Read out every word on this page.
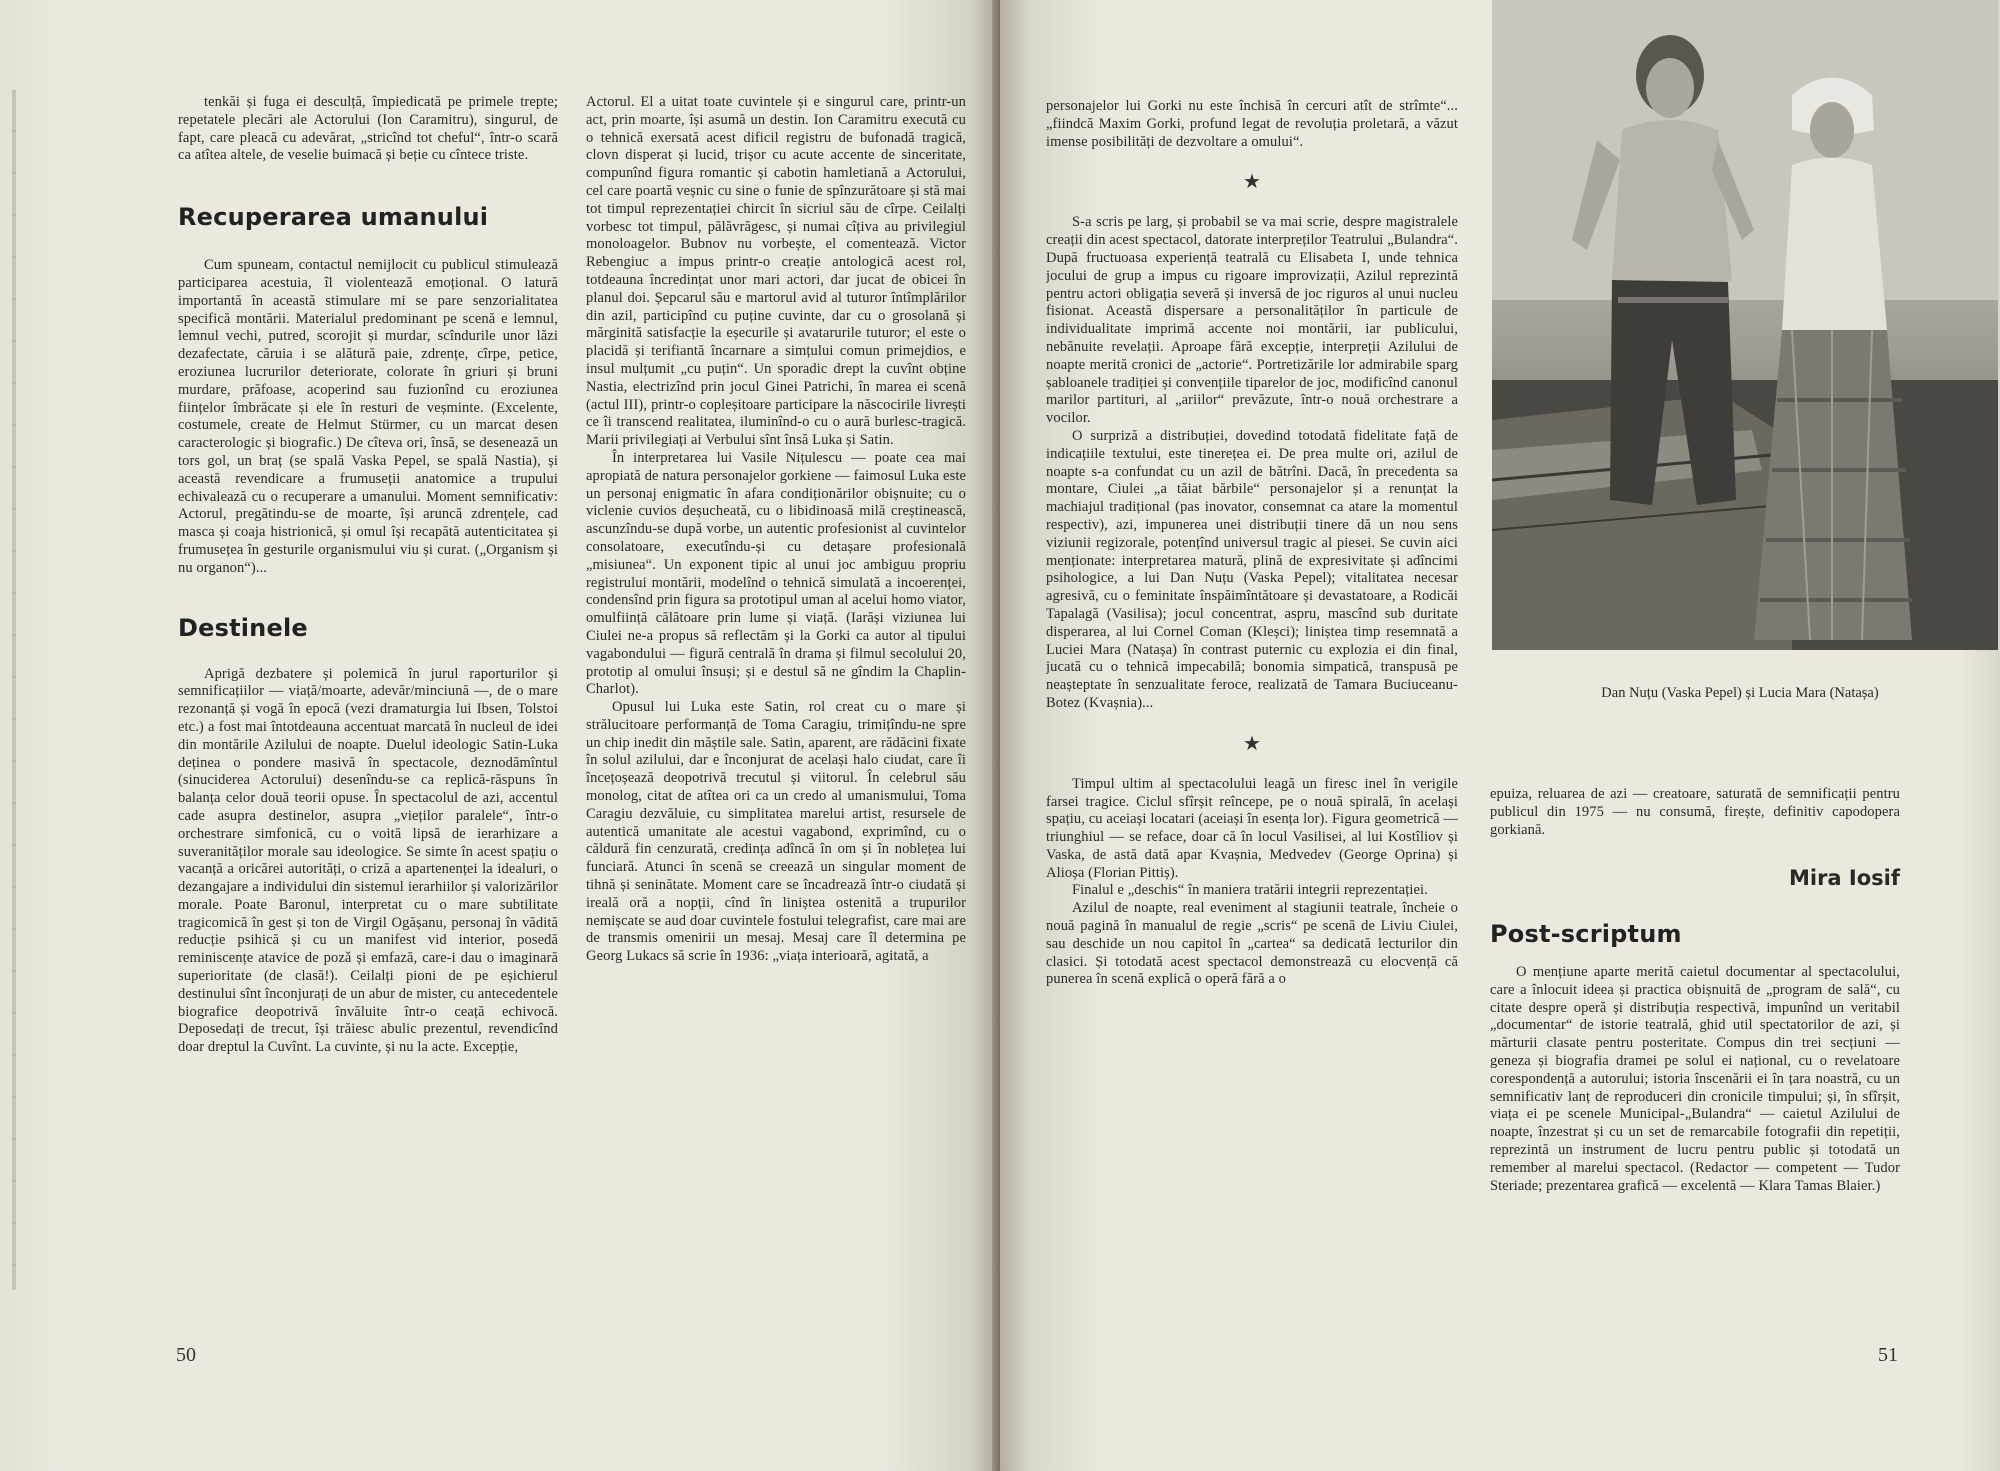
tenkăi și fuga ei desculță, împiedicată pe primele trepte; repetatele plecări ale Actorului (Ion Caramitru), singurul, de fapt, care pleacă cu adevărat, „stricînd tot cheful“, într-o scară ca atîtea altele, de veselie buimacă și beție cu cîntece triste.

Recuperarea umanului

Cum spuneam, contactul nemijlocit cu publicul stimulează participarea acestuia, îl violentează emoțional. O latură importantă în această stimulare mi se pare senzorialitatea specifică montării. Materialul predominant pe scenă e lemnul, lemnul vechi, putred, scorojit și murdar, scîndurile unor lăzi dezafectate, căruia i se alătură paie, zdrențe, cîrpe, petice, eroziunea lucrurilor deteriorate, colorate în griuri și bruni murdare, prăfoase, acoperind sau fuzionînd cu eroziunea ființelor îmbrăcate și ele în resturi de veșminte. (Excelente, costumele, create de Helmut Stürmer, cu un marcat desen caracterologic și biografic.) De cîteva ori, însă, se desenează un tors gol, un braț (se spală Vaska Pepel, se spală Nastia), și această revendicare a frumuseții anatomice a trupului echivalează cu o recuperare a umanului. Moment semnificativ: Actorul, pregătindu-se de moarte, își aruncă zdrențele, cad masca și coaja histrionică, și omul își recapătă autenticitatea și frumusețea în gesturile organismului viu și curat. („Organism și nu organon“)...

Destinele

Aprigă dezbatere și polemică în jurul raporturilor și semnificațiilor — viață/moarte, adevăr/minciună —, de o mare rezonanță și vogă în epocă (vezi dramaturgia lui Ibsen, Tolstoi etc.) a fost mai întotdeauna accentuat marcată în nucleul de idei din montările Azilului de noapte. Duelul ideologic Satin-Luka deținea o pondere masivă în spectacole, deznodămîntul (sinuciderea Actorului) desenîndu-se ca replică-răspuns în balanța celor două teorii opuse. În spectacolul de azi, accentul cade asupra destinelor, asupra „vieților paralele“, într-o orchestrare simfonică, cu o voită lipsă de ierarhizare a suveranităților morale sau ideologice. Se simte în acest spațiu o vacanță a oricărei autorități, o criză a apartenenței la idealuri, o dezangajare a individului din sistemul ierarhiilor și valorizărilor morale. Poate Baronul, interpretat cu o mare subtilitate tragicomică în gest și ton de Virgil Ogășanu, personaj în vădită reducție psihică și cu un manifest vid interior, posedă reminiscențe atavice de pozǎ și emfază, care-i dau o imaginară superioritate (de clasă!). Ceilalți pioni de pe eșichierul destinului sînt înconjurați de un abur de mister, cu antecedentele biografice deopotrivă învăluite într-o ceață echivocă. Deposedați de trecut, își trăiesc abulic prezentul, revendicînd doar dreptul la Cuvînt. La cuvinte, și nu la acte. Excepție,

Actorul. El a uitat toate cuvintele și e singurul care, printr-un act, prin moarte, își asumă un destin. Ion Caramitru execută cu o tehnică exersată acest dificil registru de bufonadă tragică, clovn disperat și lucid, trișor cu acute accente de sinceritate, compunînd figura romantic și cabotin hamletiană a Actorului, cel care poartă veșnic cu sine o funie de spînzurătoare și stă mai tot timpul reprezentației chircit în sicriul său de cîrpe. Ceilalți vorbesc tot timpul, pălăvrăgesc, și numai cîțiva au privilegiul monoloagelor. Bubnov nu vorbește, el comentează. Victor Rebengiuc a impus printr-o creație antologică acest rol, totdeauna încredințat unor mari actori, dar jucat de obicei în planul doi. Șepcarul său e martorul avid al tuturor întîmplărilor din azil, participînd cu puține cuvinte, dar cu o grosolană și mărginită satisfacție la eșecurile și avatarurile tuturor; el este o placidă și terifiantă încarnare a simțului comun primejdios, e insul mulțumit „cu puțin“. Un sporadic drept la cuvînt obține Nastia, electrizînd prin jocul Ginei Patrichi, în marea ei scenă (actul III), printr-o copleșitoare participare la născocirile livrești ce îi transcend realitatea, iluminînd-o cu o aură burlesc-tragică. Marii privilegiați ai Verbului sînt însă Luka și Satin.

În interpretarea lui Vasile Nițulescu — poate cea mai apropiată de natura personajelor gorkiene — faimosul Luka este un personaj enigmatic în afara condiționărilor obișnuite; cu o viclenie cuvios deșucheată, cu o libidinoasă milă creștinească, ascunzîndu-se după vorbe, un autentic profesionist al cuvintelor consolatoare, executîndu-și cu detașare profesională „misiunea“. Un exponent tipic al unui joc ambiguu propriu registrului montării, modelînd o tehnică simulată a incoerenței, condensînd prin figura sa prototipul uman al acelui homo viator, omulființă călătoare prin lume și viață. (Iarăși viziunea lui Ciulei ne-a propus să reflectăm și la Gorki ca autor al tipului vagabondului — figură centrală în drama și filmul secolului 20, prototip al omului însuși; și e destul să ne gîndim la Chaplin-Charlot).

Opusul lui Luka este Satin, rol creat cu o mare și strălucitoare performanță de Toma Caragiu, trimițîndu-ne spre un chip inedit din măștile sale. Satin, aparent, are rădăcini fixate în solul azilului, dar e înconjurat de același halo ciudat, care îi încețoșează deopotrivă trecutul și viitorul. În celebrul său monolog, citat de atîtea ori ca un credo al umanismului, Toma Caragiu dezvăluie, cu simplitatea marelui artist, resursele de autentică umanitate ale acestui vagabond, exprimînd, cu o căldură fin cenzurată, credința adîncă în om și în noblețea lui funciară. Atunci în scenă se creează un singular moment de tihnă și seninătate. Moment care se încadrează într-o ciudată și ireală oră a nopții, cînd în liniștea ostenită a trupurilor nemișcate se aud doar cuvintele fostului telegrafist, care mai are de transmis omenirii un mesaj. Mesaj care îl determina pe Georg Lukacs să scrie în 1936: „viața interioară, agitată, a

50

personajelor lui Gorki nu este închisă în cercuri atît de strîmte“... „fiindcă Maxim Gorki, profund legat de revoluția proletară, a văzut imense posibilități de dezvoltare a omului“.

★

S-a scris pe larg, și probabil se va mai scrie, despre magistralele creații din acest spectacol, datorate interpreților Teatrului „Bulandra“. După fructuoasa experiență teatrală cu Elisabeta I, unde tehnica jocului de grup a impus cu rigoare improvizații, Azilul reprezintă pentru actori obligația severă și inversă de joc riguros al unui nucleu fisionat. Această dispersare a personalităților în particule de individualitate imprimă accente noi montării, iar publicului, nebănuite revelații. Aproape fără excepție, interpreții Azilului de noapte merită cronici de „actorie“. Portretizările lor admirabile sparg șabloanele tradiției și convențiile tiparelor de joc, modificînd canonul marilor partituri, al „ariilor“ prevăzute, într-o nouă orchestrare a vocilor.

O surpriză a distribuției, dovedind totodată fidelitate față de indicațiile textului, este tinerețea ei. De prea multe ori, azilul de noapte s-a confundat cu un azil de bătrîni. Dacă, în precedenta sa montare, Ciulei „a tăiat bărbile“ personajelor și a renunțat la machiajul tradițional (pas inovator, consemnat ca atare la momentul respectiv), azi, impunerea unei distribuții tinere dă un nou sens viziunii regizorale, potențînd universul tragic al piesei. Se cuvin aici menționate: interpretarea matură, plină de expresivitate și adîncimi psihologice, a lui Dan Nuțu (Vaska Pepel); vitalitatea necesar agresivă, cu o feminitate înspăimîntătoare și devastatoare, a Rodicăi Tapalagă (Vasilisa); jocul concentrat, aspru, mascînd sub duritate disperarea, al lui Cornel Coman (Kleșci); liniștea timp resemnată a Luciei Mara (Natașa) în contrast puternic cu explozia ei din final, jucată cu o tehnică impecabilă; bonomia simpatică, transpusă pe neașteptate în senzualitate feroce, realizată de Tamara Buciuceanu-Botez (Kvașnia)...

★

Timpul ultim al spectacolului leagă un firesc inel în verigile farsei tragice. Ciclul sfîrșit reîncepe, pe o nouă spirală, în același spațiu, cu aceiași locatari (aceiași în esența lor). Figura geometrică — triunghiul — se reface, doar că în locul Vasilisei, al lui Kostîliov și Vaska, de astă dată apar Kvașnia, Medvedev (George Oprina) și Alioșa (Florian Pittiș).

Finalul e „deschis“ în maniera tratării integrii reprezentației.

Azilul de noapte, real eveniment al stagiunii teatrale, încheie o nouă pagină în manualul de regie „scris“ pe scenă de Liviu Ciulei, sau deschide un nou capitol în „cartea“ sa dedicată lecturilor din clasici. Și totodată acest spectacol demonstrează cu elocvență că punerea în scenă explică o operă fără a o

Dan Nuțu (Vaska Pepel) și Lucia Mara (Natașa)

epuiza, reluarea de azi — creatoare, saturată de semnificații pentru publicul din 1975 — nu consumă, firește, definitiv capodopera gorkiană.

Mira Iosif
Post-scriptum

O mențiune aparte merită caietul documentar al spectacolului, care a înlocuit ideea și practica obișnuită de „program de sală“, cu citate despre operă și distribuția respectivă, impunînd un veritabil „documentar“ de istorie teatrală, ghid util spectatorilor de azi, și mărturii clasate pentru posteritate. Compus din trei secțiuni — geneza și biografia dramei pe solul ei național, cu o revelatoare corespondență a autorului; istoria înscenării ei în țara noastră, cu un semnificativ lanț de reproduceri din cronicile timpului; și, în sfîrșit, viața ei pe scenele Municipal-„Bulandra“ — caietul Azilului de noapte, înzestrat și cu un set de remarcabile fotografii din repetiții, reprezintă un instrument de lucru pentru public și totodată un remember al marelui spectacol. (Redactor — competent — Tudor Steriade; prezentarea grafică — excelentă — Klara Tamas Blaier.)

51
